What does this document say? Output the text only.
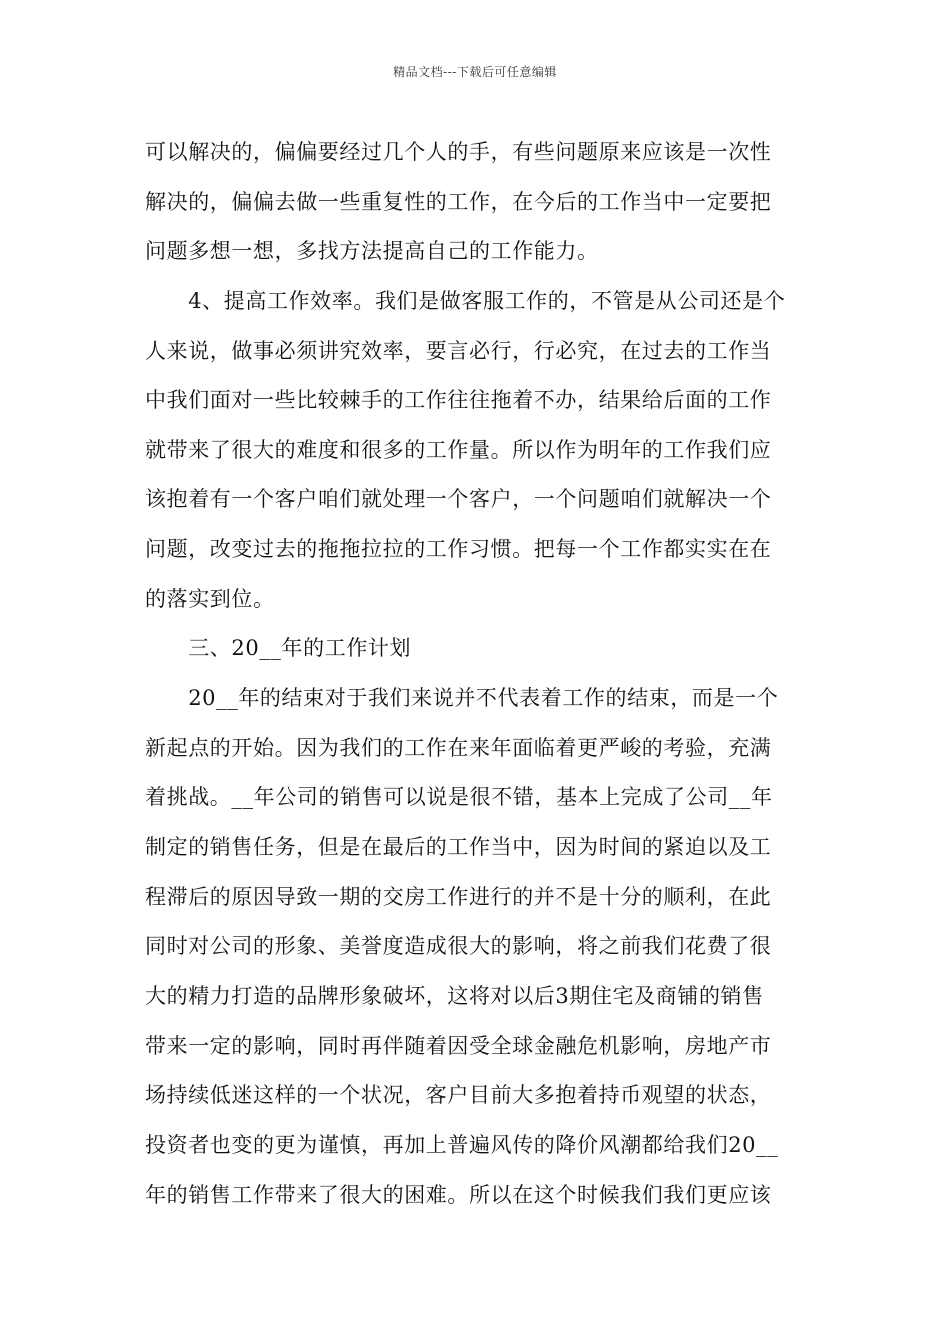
精品文档---下载后可任意编辑
可以解决的，偏偏要经过几个人的手，有些问题原来应该是一次性
解决的，偏偏去做一些重复性的工作，在今后的工作当中一定要把
问题多想一想，多找方法提高自己的工作能力。
　　4、提高工作效率。我们是做客服工作的，不管是从公司还是个
人来说，做事必须讲究效率，要言必行，行必究，在过去的工作当
中我们面对一些比较棘手的工作往往拖着不办，结果给后面的工作
就带来了很大的难度和很多的工作量。所以作为明年的工作我们应
该抱着有一个客户咱们就处理一个客户，一个问题咱们就解决一个
问题，改变过去的拖拖拉拉的工作习惯。把每一个工作都实实在在
的落实到位。
　　三、20__年的工作计划
　　20__年的结束对于我们来说并不代表着工作的结束，而是一个
新起点的开始。因为我们的工作在来年面临着更严峻的考验，充满
着挑战。__年公司的销售可以说是很不错，基本上完成了公司__年
制定的销售任务，但是在最后的工作当中，因为时间的紧迫以及工
程滞后的原因导致一期的交房工作进行的并不是十分的顺利，在此
同时对公司的形象、美誉度造成很大的影响，将之前我们花费了很
大的精力打造的品牌形象破坏，这将对以后3期住宅及商铺的销售
带来一定的影响，同时再伴随着因受全球金融危机影响，房地产市
场持续低迷这样的一个状况，客户目前大多抱着持币观望的状态，
投资者也变的更为谨慎，再加上普遍风传的降价风潮都给我们20__
年的销售工作带来了很大的困难。所以在这个时候我们我们更应该
